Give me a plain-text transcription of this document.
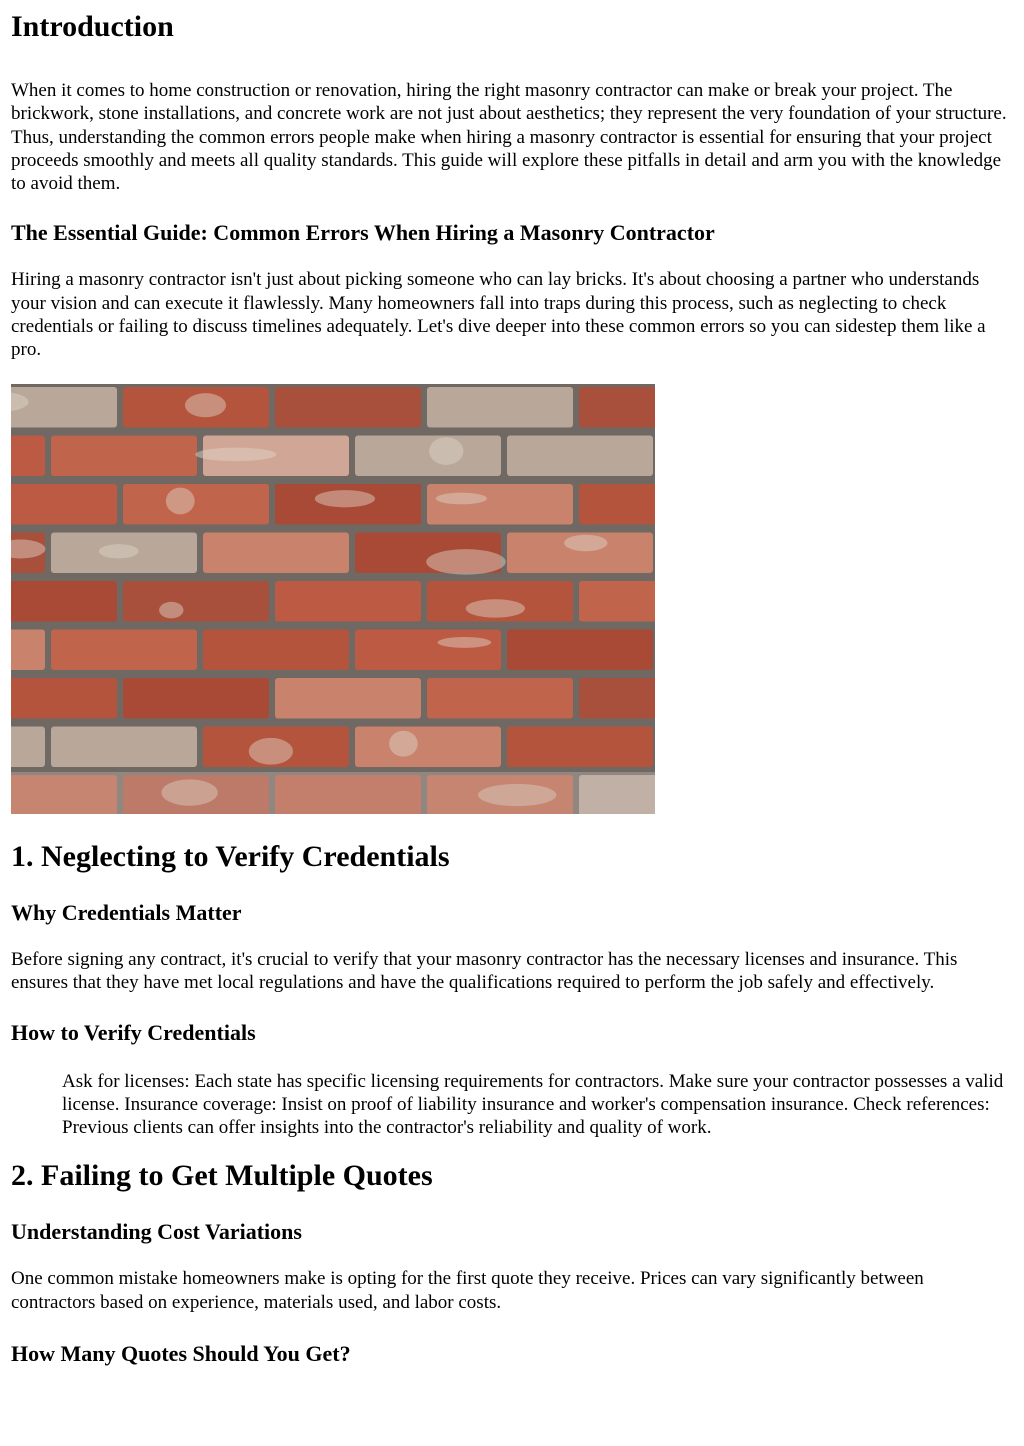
Introduction

When it comes to home construction or renovation, hiring the right masonry contractor can make or break your project. The brickwork, stone installations, and concrete work are not just about aesthetics; they represent the very foundation of your structure. Thus, understanding the common errors people make when hiring a masonry contractor is essential for ensuring that your project proceeds smoothly and meets all quality standards. This guide will explore these pitfalls in detail and arm you with the knowledge to avoid them.

The Essential Guide: Common Errors When Hiring a Masonry Contractor

Hiring a masonry contractor isn't just about picking someone who can lay bricks. It's about choosing a partner who understands your vision and can execute it flawlessly. Many homeowners fall into traps during this process, such as neglecting to check credentials or failing to discuss timelines adequately. Let's dive deeper into these common errors so you can sidestep them like a pro.

1. Neglecting to Verify Credentials
Why Credentials Matter

Before signing any contract, it's crucial to verify that your masonry contractor has the necessary licenses and insurance. This ensures that they have met local regulations and have the qualifications required to perform the job safely and effectively.

How to Verify Credentials
Ask for licenses: Each state has specific licensing requirements for contractors. Make sure your contractor possesses a valid license. Insurance coverage: Insist on proof of liability insurance and worker's compensation insurance. Check references: Previous clients can offer insights into the contractor's reliability and quality of work.
2. Failing to Get Multiple Quotes
Understanding Cost Variations

One common mistake homeowners make is opting for the first quote they receive. Prices can vary significantly between contractors based on experience, materials used, and labor costs.

How Many Quotes Should You Get?
